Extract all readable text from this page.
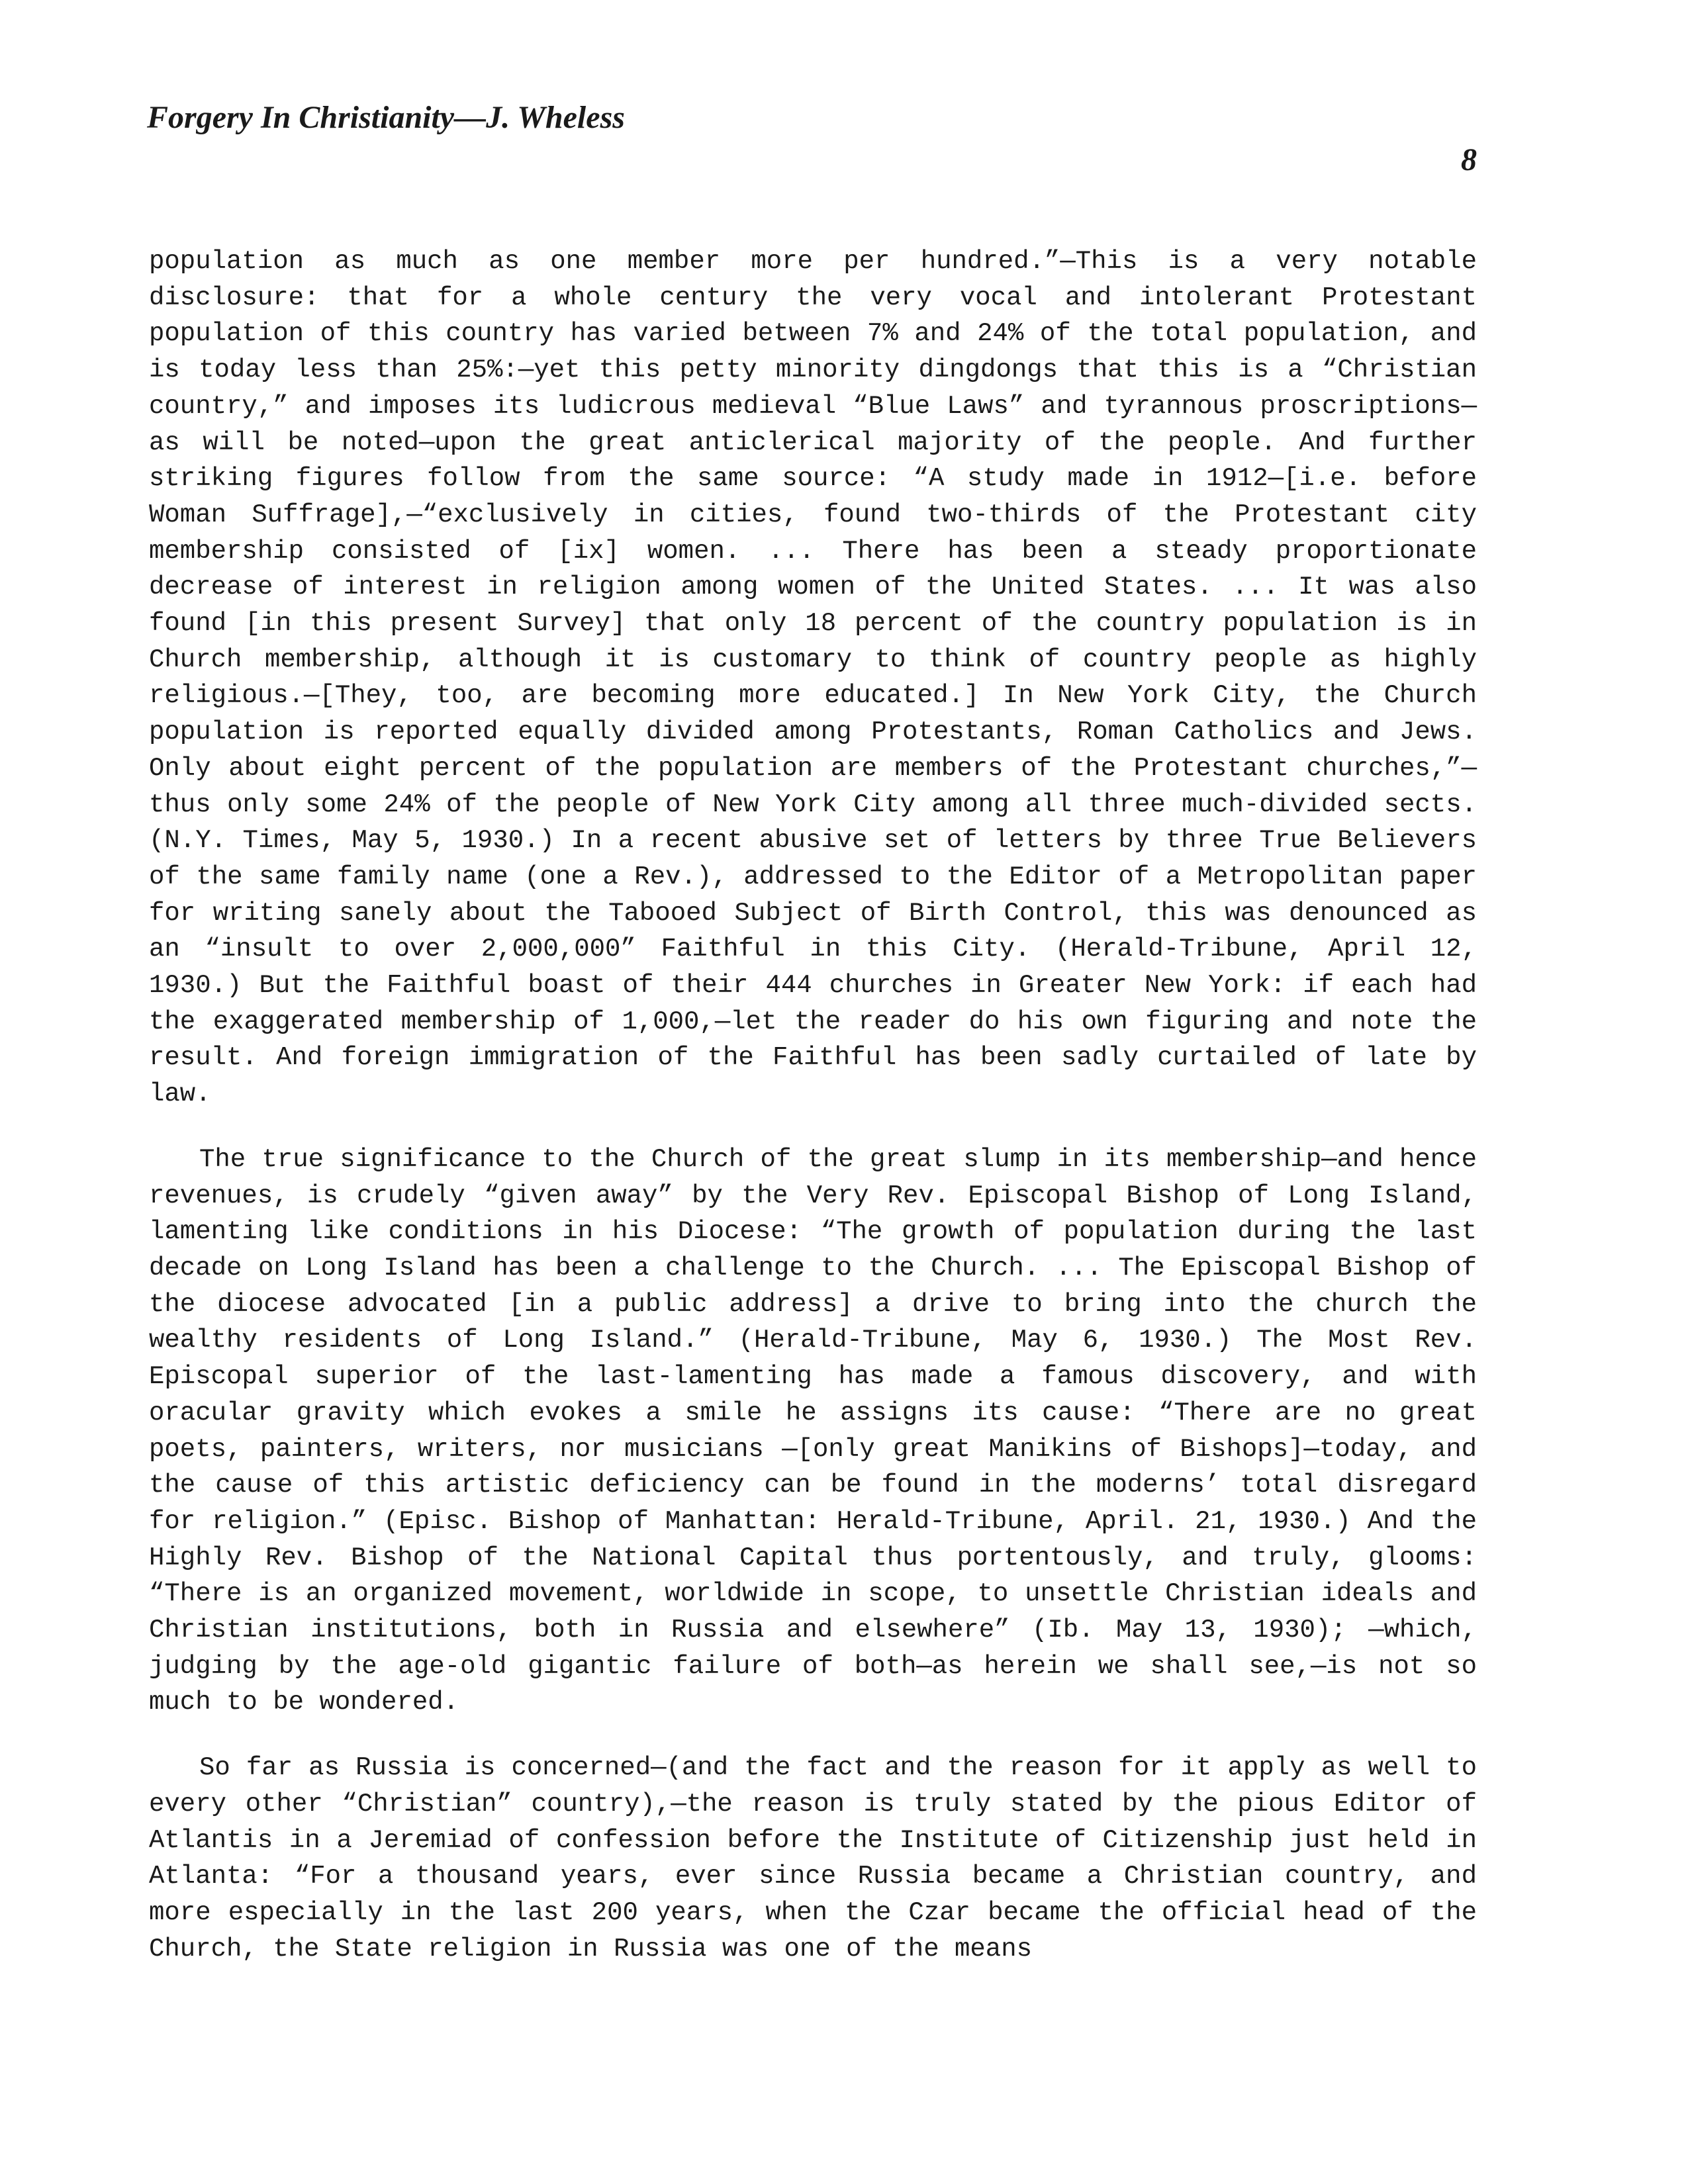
Forgery In Christianity—J. Wheless
8

population as much as one member more per hundred.”—This is a very notable disclosure: that for a whole century the very vocal and intolerant Protestant population of this country has varied between 7% and 24% of the total population, and is today less than 25%:—yet this petty minority dingdongs that this is a “Christian country,” and imposes its ludicrous medieval “Blue Laws” and tyrannous proscriptions—as will be noted—upon the great anticlerical majority of the people. And further striking figures follow from the same source: “A study made in 1912—[i.e. before Woman Suffrage],—“exclusively in cities, found two-thirds of the Protestant city membership consisted of [ix] women. ... There has been a steady proportionate decrease of interest in religion among women of the United States. ... It was also found [in this present Survey] that only 18 percent of the country population is in Church membership, although it is customary to think of country people as highly religious.—[They, too, are becoming more educated.] In New York City, the Church population is reported equally divided among Protestants, Roman Catholics and Jews. Only about eight percent of the population are members of the Protestant churches,”—thus only some 24% of the people of New York City among all three much-divided sects. (N.Y. Times, May 5, 1930.) In a recent abusive set of letters by three True Believers of the same family name (one a Rev.), addressed to the Editor of a Metropolitan paper for writing sanely about the Tabooed Subject of Birth Control, this was denounced as an “insult to over 2,000,000” Faithful in this City. (Herald-Tribune, April 12, 1930.) But the Faithful boast of their 444 churches in Greater New York: if each had the exaggerated membership of 1,000,—let the reader do his own figuring and note the result. And foreign immigration of the Faithful has been sadly curtailed of late by law.

The true significance to the Church of the great slump in its membership—and hence revenues, is crudely “given away” by the Very Rev. Episcopal Bishop of Long Island, lamenting like conditions in his Diocese: “The growth of population during the last decade on Long Island has been a challenge to the Church. ... The Episcopal Bishop of the diocese advocated [in a public address] a drive to bring into the church the wealthy residents of Long Island.” (Herald-Tribune, May 6, 1930.) The Most Rev. Episcopal superior of the last-lamenting has made a famous discovery, and with oracular gravity which evokes a smile he assigns its cause: “There are no great poets, painters, writers, nor musicians —[only great Manikins of Bishops]—today, and the cause of this artistic deficiency can be found in the moderns’ total disregard for religion.” (Episc. Bishop of Manhattan: Herald-Tribune, April. 21, 1930.) And the Highly Rev. Bishop of the National Capital thus portentously, and truly, glooms: “There is an organized movement, worldwide in scope, to unsettle Christian ideals and Christian institutions, both in Russia and elsewhere” (Ib. May 13, 1930); —which, judging by the age-old gigantic failure of both—as herein we shall see,—is not so much to be wondered.

So far as Russia is concerned—(and the fact and the reason for it apply as well to every other “Christian” country),—the reason is truly stated by the pious Editor of Atlantis in a Jeremiad of confession before the Institute of Citizenship just held in Atlanta: “For a thousand years, ever since Russia became a Christian country, and more especially in the last 200 years, when the Czar became the official head of the Church, the State religion in Russia was one of the means
